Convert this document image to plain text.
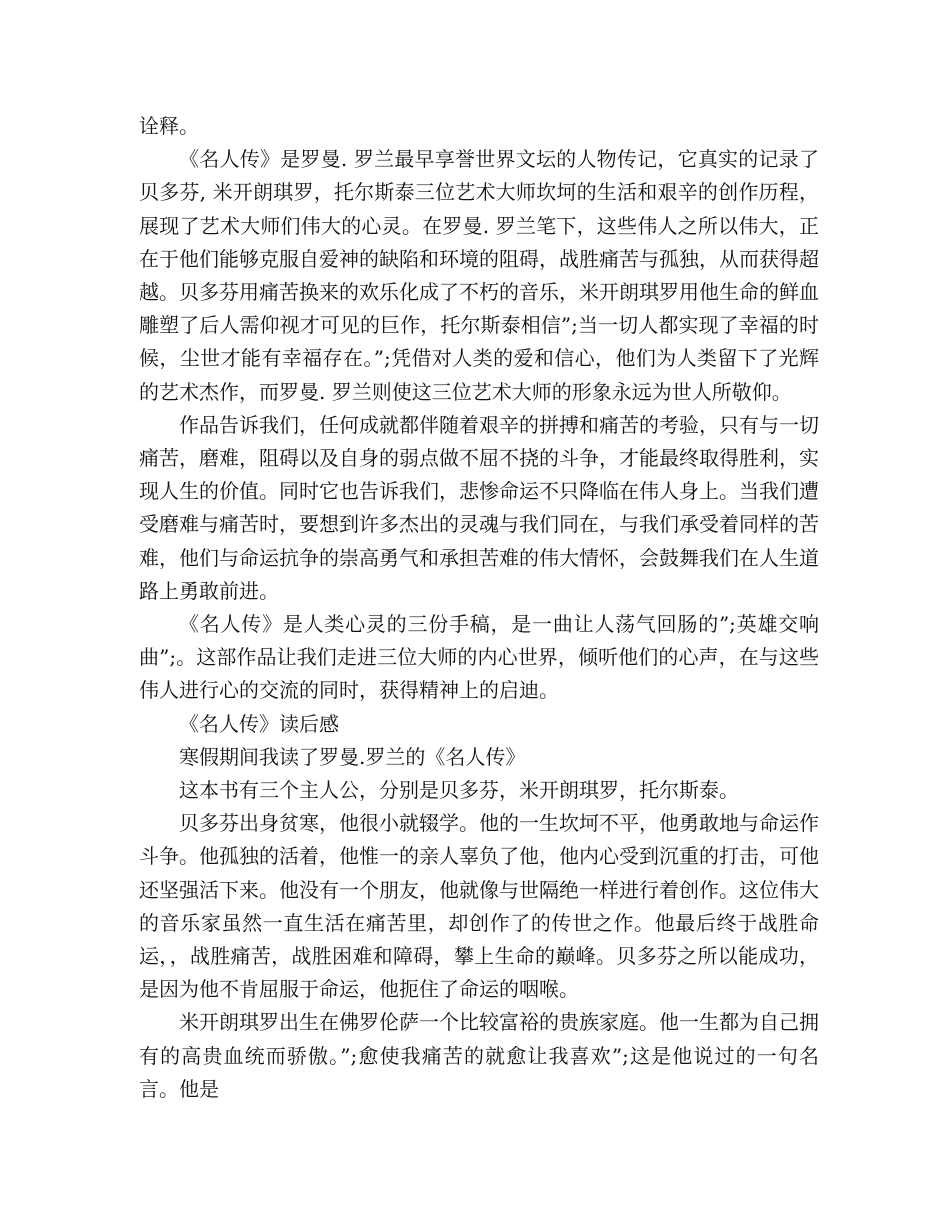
诠释。

《名人传》是罗曼. 罗兰最早享誉世界文坛的人物传记，它真实的记录了贝多芬, 米开朗琪罗，托尔斯泰三位艺术大师坎坷的生活和艰辛的创作历程，展现了艺术大师们伟大的心灵。在罗曼. 罗兰笔下，这些伟人之所以伟大，正在于他们能够克服自爱神的缺陷和环境的阻碍，战胜痛苦与孤独，从而获得超越。贝多芬用痛苦换来的欢乐化成了不朽的音乐，米开朗琪罗用他生命的鲜血雕塑了后人需仰视才可见的巨作，托尔斯泰相信”;当一切人都实现了幸福的时候，尘世才能有幸福存在。”;凭借对人类的爱和信心，他们为人类留下了光辉的艺术杰作，而罗曼. 罗兰则使这三位艺术大师的形象永远为世人所敬仰。

作品告诉我们，任何成就都伴随着艰辛的拼搏和痛苦的考验，只有与一切痛苦，磨难，阻碍以及自身的弱点做不屈不挠的斗争，才能最终取得胜利，实现人生的价值。同时它也告诉我们，悲惨命运不只降临在伟人身上。当我们遭受磨难与痛苦时，要想到许多杰出的灵魂与我们同在，与我们承受着同样的苦难，他们与命运抗争的崇高勇气和承担苦难的伟大情怀，会鼓舞我们在人生道路上勇敢前进。

《名人传》是人类心灵的三份手稿，是一曲让人荡气回肠的”;英雄交响曲”;。这部作品让我们走进三位大师的内心世界，倾听他们的心声，在与这些伟人进行心的交流的同时，获得精神上的启迪。

《名人传》读后感

寒假期间我读了罗曼.罗兰的《名人传》

这本书有三个主人公，分别是贝多芬，米开朗琪罗，托尔斯泰。

贝多芬出身贫寒，他很小就辍学。他的一生坎坷不平，他勇敢地与命运作斗争。他孤独的活着，他惟一的亲人辜负了他，他内心受到沉重的打击，可他还坚强活下来。他没有一个朋友，他就像与世隔绝一样进行着创作。这位伟大的音乐家虽然一直生活在痛苦里，却创作了的传世之作。他最后终于战胜命运，，战胜痛苦，战胜困难和障碍，攀上生命的巅峰。贝多芬之所以能成功，是因为他不肯屈服于命运，他扼住了命运的咽喉。

米开朗琪罗出生在佛罗伦萨一个比较富裕的贵族家庭。他一生都为自己拥有的高贵血统而骄傲。”;愈使我痛苦的就愈让我喜欢”;这是他说过的一句名言。他是
